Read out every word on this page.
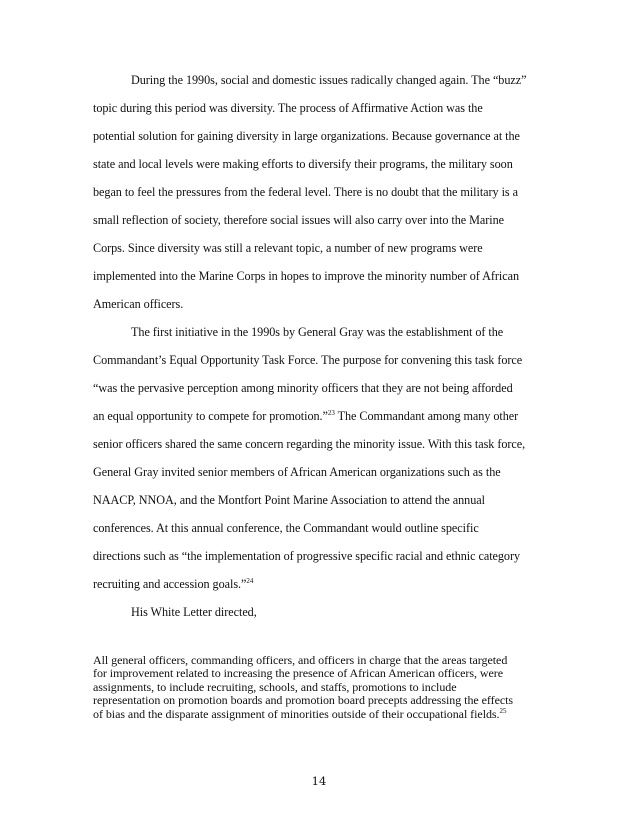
During the 1990s, social and domestic issues radically changed again. The “buzz”
topic during this period was diversity. The process of Affirmative Action was the
potential solution for gaining diversity in large organizations. Because governance at the
state and local levels were making efforts to diversify their programs, the military soon
began to feel the pressures from the federal level. There is no doubt that the military is a
small reflection of society, therefore social issues will also carry over into the Marine
Corps. Since diversity was still a relevant topic, a number of new programs were
implemented into the Marine Corps in hopes to improve the minority number of African
American officers.
The first initiative in the 1990s by General Gray was the establishment of the
Commandant’s Equal Opportunity Task Force. The purpose for convening this task force
“was the pervasive perception among minority officers that they are not being afforded
an equal opportunity to compete for promotion.”$^{23}$ The Commandant among many other
senior officers shared the same concern regarding the minority issue. With this task force,
General Gray invited senior members of African American organizations such as the
NAACP, NNOA, and the Montfort Point Marine Association to attend the annual
conferences. At this annual conference, the Commandant would outline specific
directions such as “the implementation of progressive specific racial and ethnic category
recruiting and accession goals.”$^{24}$
His White Letter directed,
All general officers, commanding officers, and officers in charge that the areas targeted
for improvement related to increasing the presence of African American officers, were
assignments, to include recruiting, schools, and staffs, promotions to include
representation on promotion boards and promotion board precepts addressing the effects
of bias and the disparate assignment of minorities outside of their occupational fields.$^{25}$
14
